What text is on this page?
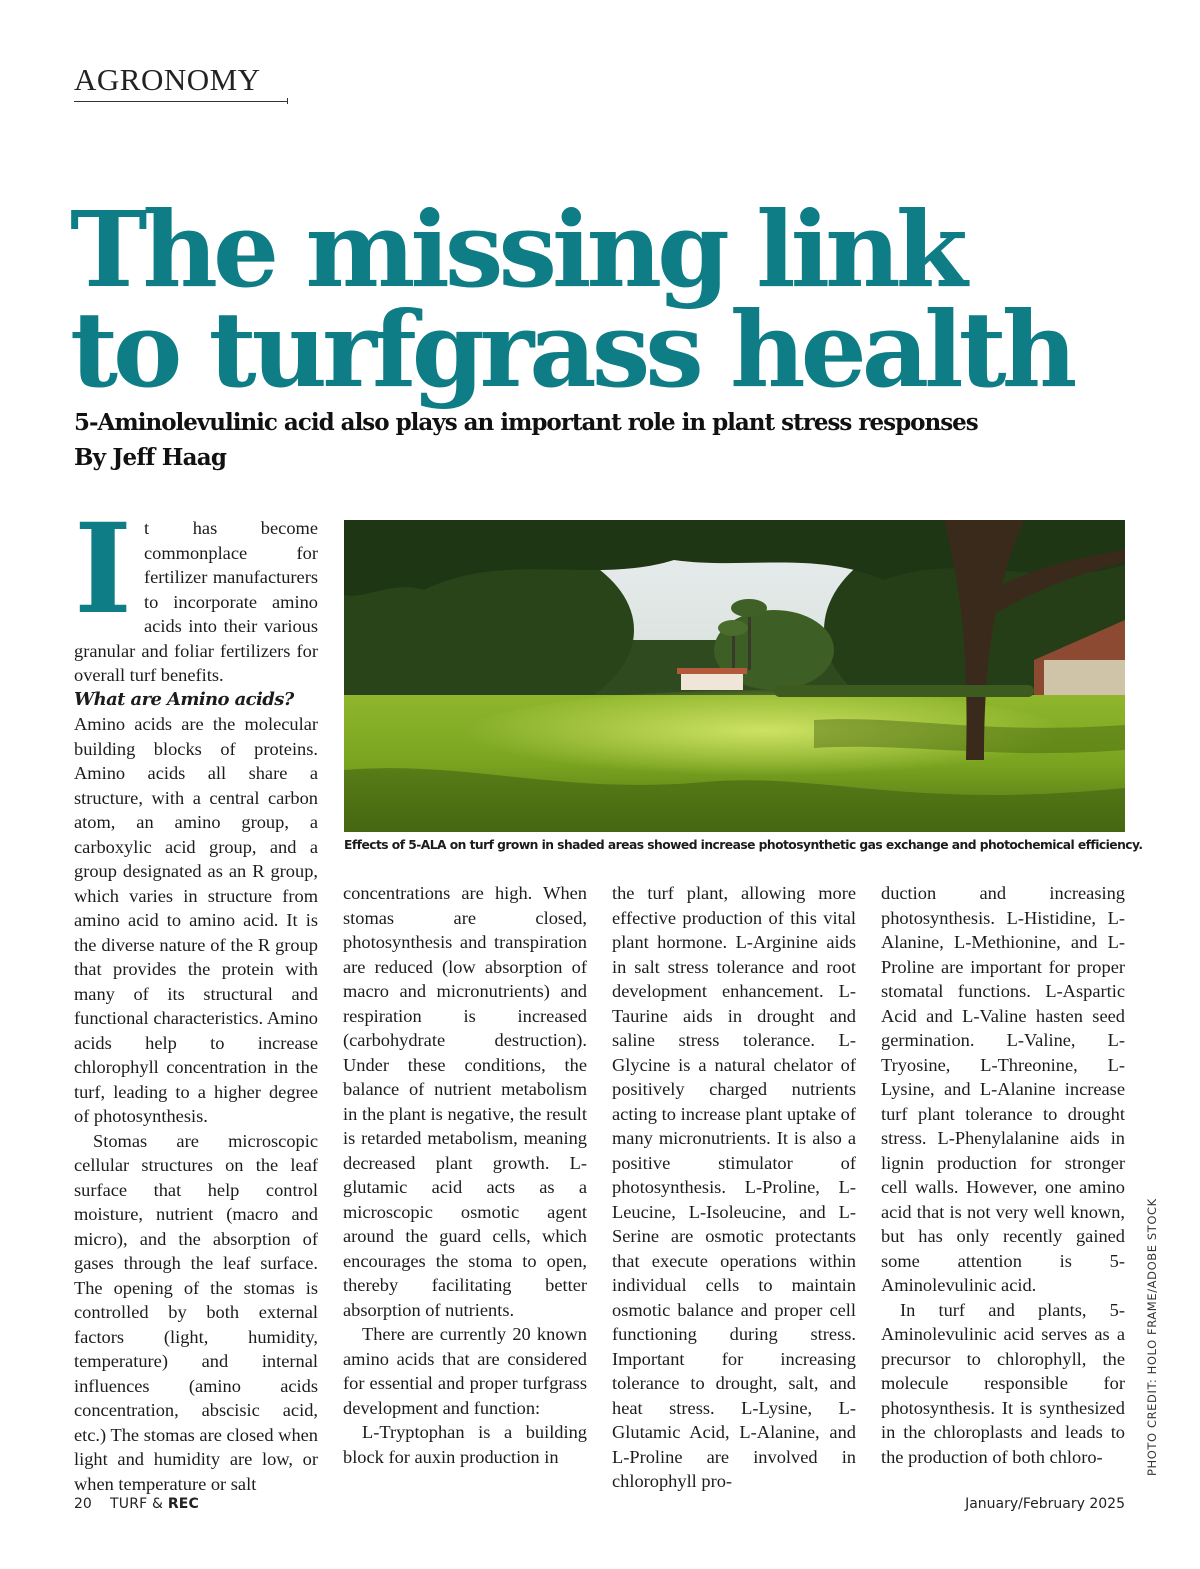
AGRONOMY

The missing link
to turfgrass health

5-Aminolevulinic acid also plays an important role in plant stress responses

By Jeff Haag

It has become commonplace for fertilizer manufacturers to incorporate amino acids into their various granular and foliar fertilizers for overall turf benefits.

What are Amino acids?

Amino acids are the molecular building blocks of proteins. Amino acids all share a structure, with a central carbon atom, an amino group, a carboxylic acid group, and a group designated as an R group, which varies in structure from amino acid to amino acid. It is the diverse nature of the R group that provides the protein with many of its structural and functional characteristics. Amino acids help to increase chlorophyll concentration in the turf, leading to a higher degree of photosynthesis.

Stomas are microscopic cellular structures on the leaf surface that help control moisture, nutrient (macro and micro), and the absorption of gases through the leaf surface. The opening of the stomas is controlled by both external factors (light, humidity, temperature) and internal influences (amino acids concentration, abscisic acid, etc.) The stomas are closed when light and humidity are low, or when temperature or salt

Effects of 5-ALA on turf grown in shaded areas showed increase photosynthetic gas exchange and photochemical efficiency.

concentrations are high. When stomas are closed, photosynthesis and transpiration are reduced (low absorption of macro and micronutrients) and respiration is increased (carbohydrate destruction). Under these conditions, the balance of nutrient metabolism in the plant is negative, the result is retarded metabolism, meaning decreased plant growth. L-glutamic acid acts as a microscopic osmotic agent around the guard cells, which encourages the stoma to open, thereby facilitating better absorption of nutrients.

There are currently 20 known amino acids that are considered for essential and proper turfgrass development and function:

L-Tryptophan is a building block for auxin production in

the turf plant, allowing more effective production of this vital plant hormone. L-Arginine aids in salt stress tolerance and root development enhancement. L-Taurine aids in drought and saline stress tolerance. L-Glycine is a natural chelator of positively charged nutrients acting to increase plant uptake of many micronutrients. It is also a positive stimulator of photosynthesis. L-Proline, L-Leucine, L-Isoleucine, and L-Serine are osmotic protectants that execute operations within individual cells to maintain osmotic balance and proper cell functioning during stress. Important for increasing tolerance to drought, salt, and heat stress. L-Lysine, L-Glutamic Acid, L-Alanine, and L-Proline are involved in chlorophyll pro-

duction and increasing photosynthesis. L-Histidine, L-Alanine, L-Methionine, and L-Proline are important for proper stomatal functions. L-Aspartic Acid and L-Valine hasten seed germination. L-Valine, L-Tryosine, L-Threonine, L-Lysine, and L-Alanine increase turf plant tolerance to drought stress. L-Phenylalanine aids in lignin production for stronger cell walls. However, one amino acid that is not very well known, but has only recently gained some attention is 5-Aminolevulinic acid.

In turf and plants, 5-Aminolevulinic acid serves as a precursor to chlorophyll, the molecule responsible for photosynthesis. It is synthesized in the chloroplasts and leads to the production of both chloro-	PHOTO CREDIT: HOLO FRAME/ADOBE STOCK

20 TURF & REC	January/February 2025
